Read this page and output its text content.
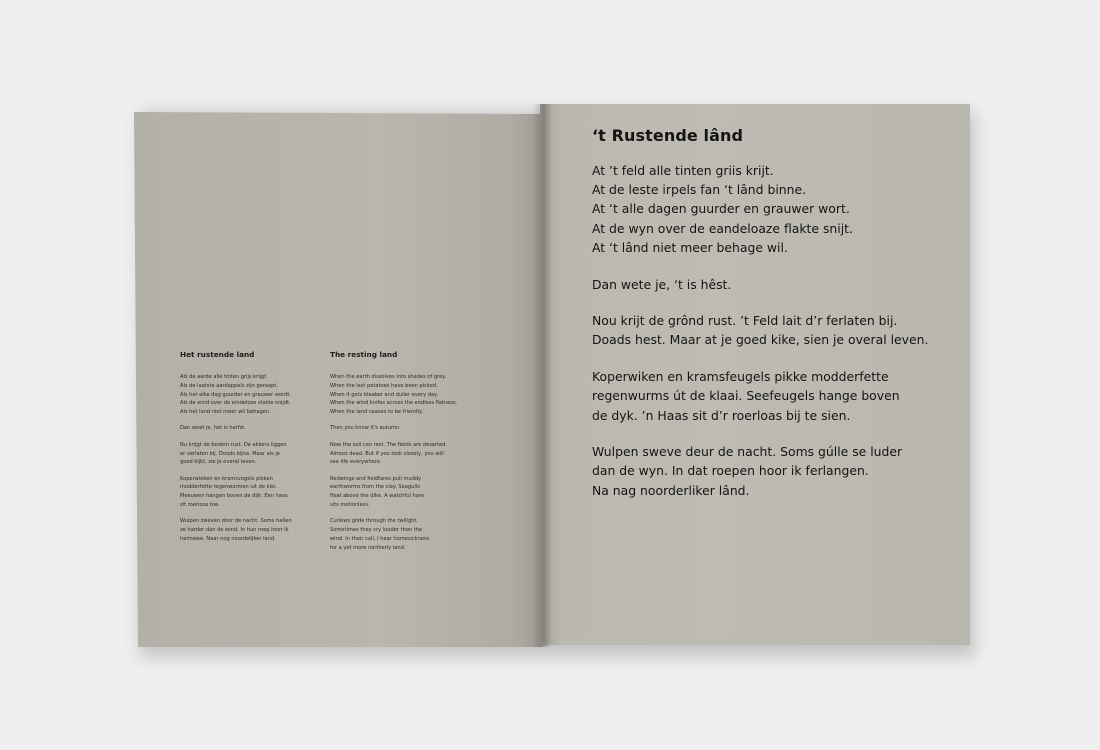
Het rustende land
Als de aarde alle tinten grijs krijgt.
Als de laatste aardappels zijn geraapt.
Als het elke dag guurder en grauwer wordt.
Als de wind over de eindeloze vlakte snijdt.
Als het land niet meer wil behagen.
Dan weet je, het is herfst.
Nu krijgt de bodem rust. De akkers liggen
er verlaten bij. Doods bijna. Maar als je
goed kijkt, zie je overal leven.
Koperwieken en kramsvogels pikken
modderfette regenwormen uit de klei.
Meeuwen hangen boven de dijk. Een haas
zit roerloos toe.
Wulpen zweven door de nacht. Soms hallen
ze harder dan de wind. In hun roep hoor ik
heimwee. Naar nog noordelijker land.
The resting land
When the earth dissolves into shades of grey.
When the last potatoes have been picked.
When it gets bleaker and duller every day.
When the wind knifes across the endless flatness.
When the land ceases to be friendly.
Then you know it's autumn.
Now the soil can rest. The fields are deserted.
Almost dead. But if you look closely, you will
see life everywhere.
Redwings and fieldfares pull muddy
earthworms from the clay. Seagulls
float above the dike. A watchful hare
sits motionless.
Curlews glide through the twilight.
Sometimes they cry louder than the
wind. In their call, I hear homesickness
for a yet more northerly land.
‘t Rustende lând
At ’t feld alle tinten griis krijt.
At de leste irpels fan ‘t lând binne.
At ‘t alle dagen guurder en grauwer wort.
At de wyn over de eandeloaze flakte snijt.
At ‘t lând niet meer behage wil.
Dan wete je, ‘t is hêst.
Nou krijt de grônd rust. ’t Feld lait d’r ferlaten bij.
Doads hest. Maar at je goed kike, sien je overal leven.
Koperwiken en kramsfeugels pikke modderfette
regenwurms út de klaai. Seefeugels hange boven
de dyk. ’n Haas sit d’r roerloas bij te sien.
Wulpen sweve deur de nacht. Soms gúlle se luder
dan de wyn. In dat roepen hoor ik ferlangen.
Na nag noorderliker lând.
